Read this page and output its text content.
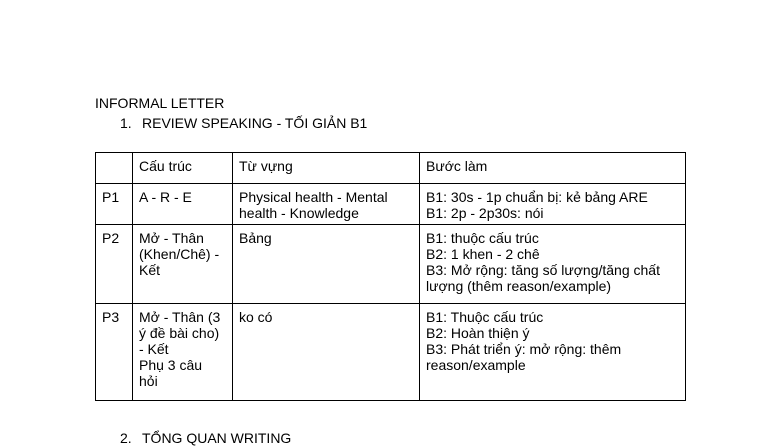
INFORMAL LETTER
1. REVIEW SPEAKING - TỐI GIẢN B1
	Cấu trúc	Từ vựng	Bước làm
P1	A - R - E	Physical health - Mental
health - Knowledge	B1: 30s - 1p chuẩn bị: kẻ bảng ARE
B1: 2p - 2p30s: nói

P2	Mở - Thân
(Khen/Chê) -
Kết	Bảng	B1: thuộc cấu trúc
B2: 1 khen - 2 chê
B3: Mở rộng: tăng số lượng/tăng chất
lượng (thêm reason/example)

P3	Mở - Thân (3
ý đề bài cho)
- Kết
Phụ 3 câu
hỏi	ko có	B1: Thuộc cấu trúc
B2: Hoàn thiện ý
B3: Phát triển ý: mở rộng: thêm
reason/example
2. TỔNG QUAN WRITING
